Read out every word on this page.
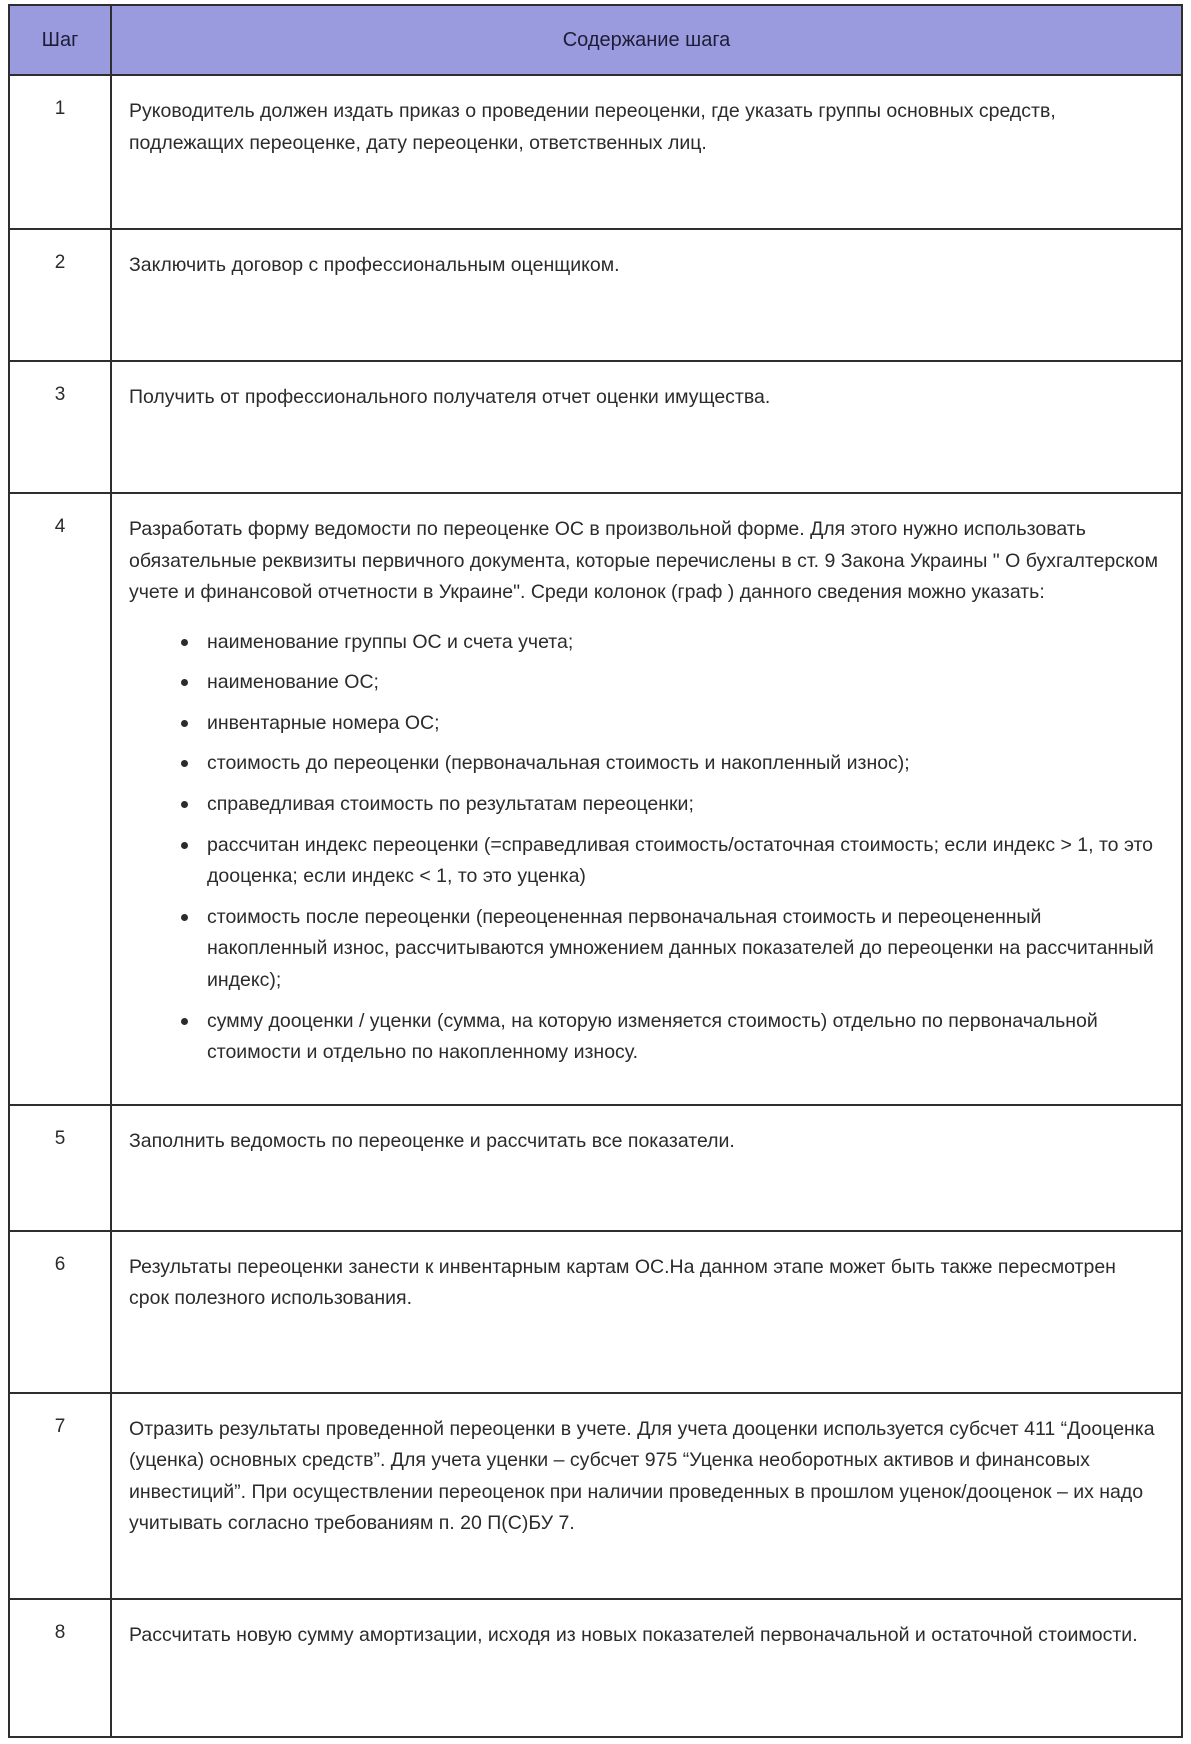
Шаг	Содержание шага
1	Руководитель должен издать приказ о проведении переоценки, где указать группы основных средств, подлежащих переоценке, дату переоценки, ответственных лиц.

2	Заключить договор с профессиональным оценщиком.

3	Получить от профессионального получателя отчет оценки имущества.

4	Разработать форму ведомости по переоценке ОС в произвольной форме. Для этого нужно использовать обязательные реквизиты первичного документа, которые перечислены в ст. 9 Закона Украины " О бухгалтерском учете и финансовой отчетности в Украине". Среди колонок (граф ) данного сведения можно указать:

наименование группы ОС и счета учета;
наименование ОС;
инвентарные номера ОС;
стоимость до переоценки (первоначальная стоимость и накопленный износ);
справедливая стоимость по результатам переоценки;
рассчитан индекс переоценки (=справедливая стоимость/остаточная стоимость; если индекс > 1, то это дооценка; если индекс < 1, то это уценка)
стоимость после переоценки (переоцененная первоначальная стоимость и переоцененный накопленный износ, рассчитываются умножением данных показателей до переоценки на рассчитанный индекс);
сумму дооценки / уценки (сумма, на которую изменяется стоимость) отдельно по первоначальной стоимости и отдельно по накопленному износу.

5	Заполнить ведомость по переоценке и рассчитать все показатели.

6	Результаты переоценки занести к инвентарным картам ОС.На данном этапе может быть также пересмотрен срок полезного использования.

7	Отразить результаты проведенной переоценки в учете. Для учета дооценки используется субсчет 411 “Дооценка (уценка) основных средств”. Для учета уценки – субсчет 975 “Уценка необоротных активов и финансовых инвестиций”. При осуществлении переоценок при наличии проведенных в прошлом уценок/дооценок – их надо учитывать согласно требованиям п. 20 П(С)БУ 7.

8	Рассчитать новую сумму амортизации, исходя из новых показателей первоначальной и остаточной стоимости.
